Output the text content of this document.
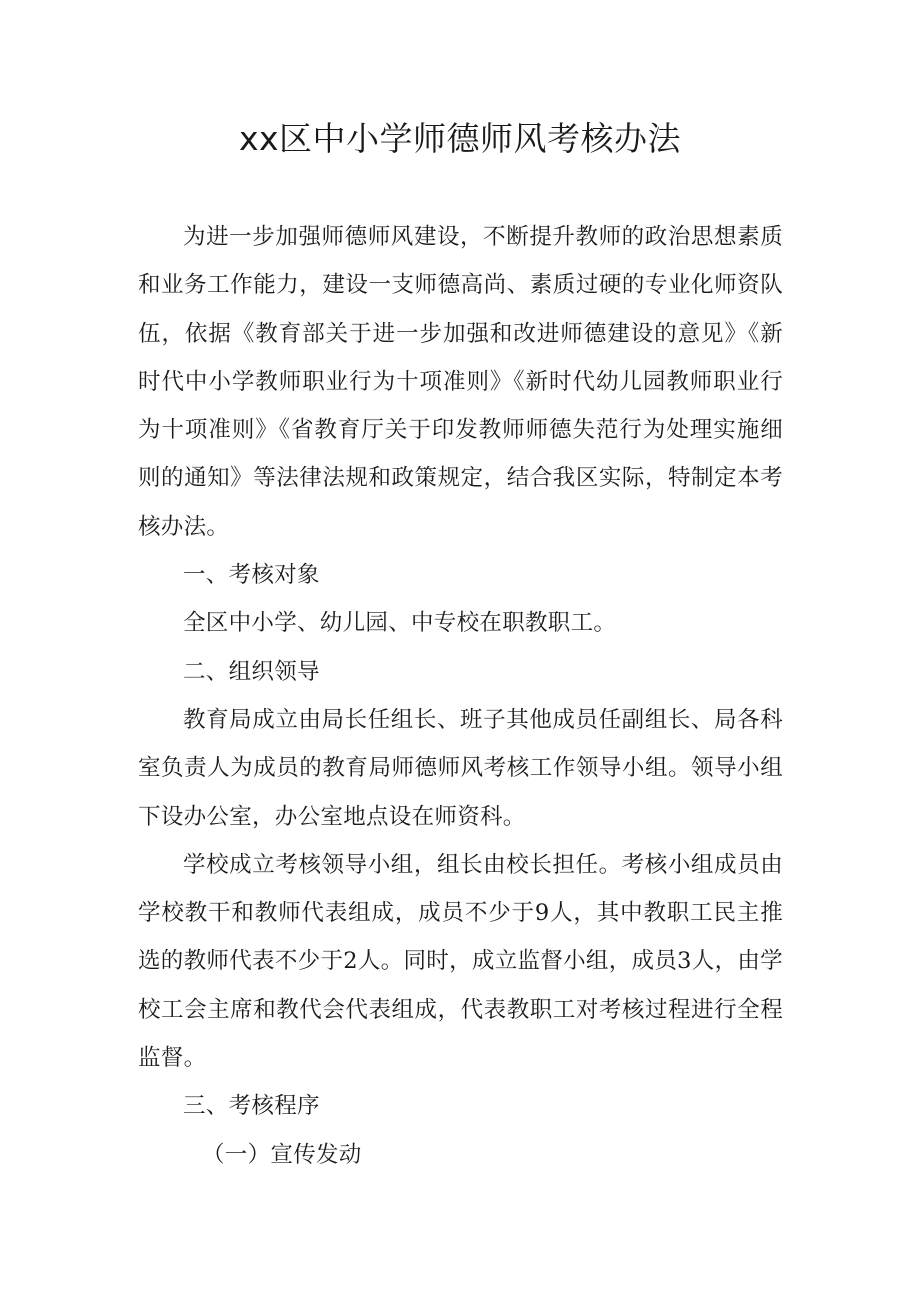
xx区中小学师德师风考核办法

为进一步加强师德师风建设，不断提升教师的政治思想素质和业务工作能力，建设一支师德高尚、素质过硬的专业化师资队伍，依据《教育部关于进一步加强和改进师德建设的意见》《新时代中小学教师职业行为十项准则》《新时代幼儿园教师职业行为十项准则》《省教育厅关于印发教师师德失范行为处理实施细则的通知》等法律法规和政策规定，结合我区实际，特制定本考核办法。

一、考核对象

全区中小学、幼儿园、中专校在职教职工。

二、组织领导

教育局成立由局长任组长、班子其他成员任副组长、局各科室负责人为成员的教育局师德师风考核工作领导小组。领导小组下设办公室，办公室地点设在师资科。

学校成立考核领导小组，组长由校长担任。考核小组成员由学校教干和教师代表组成，成员不少于9人，其中教职工民主推选的教师代表不少于2人。同时，成立监督小组，成员3人，由学校工会主席和教代会代表组成，代表教职工对考核过程进行全程监督。

三、考核程序

（一）宣传发动
